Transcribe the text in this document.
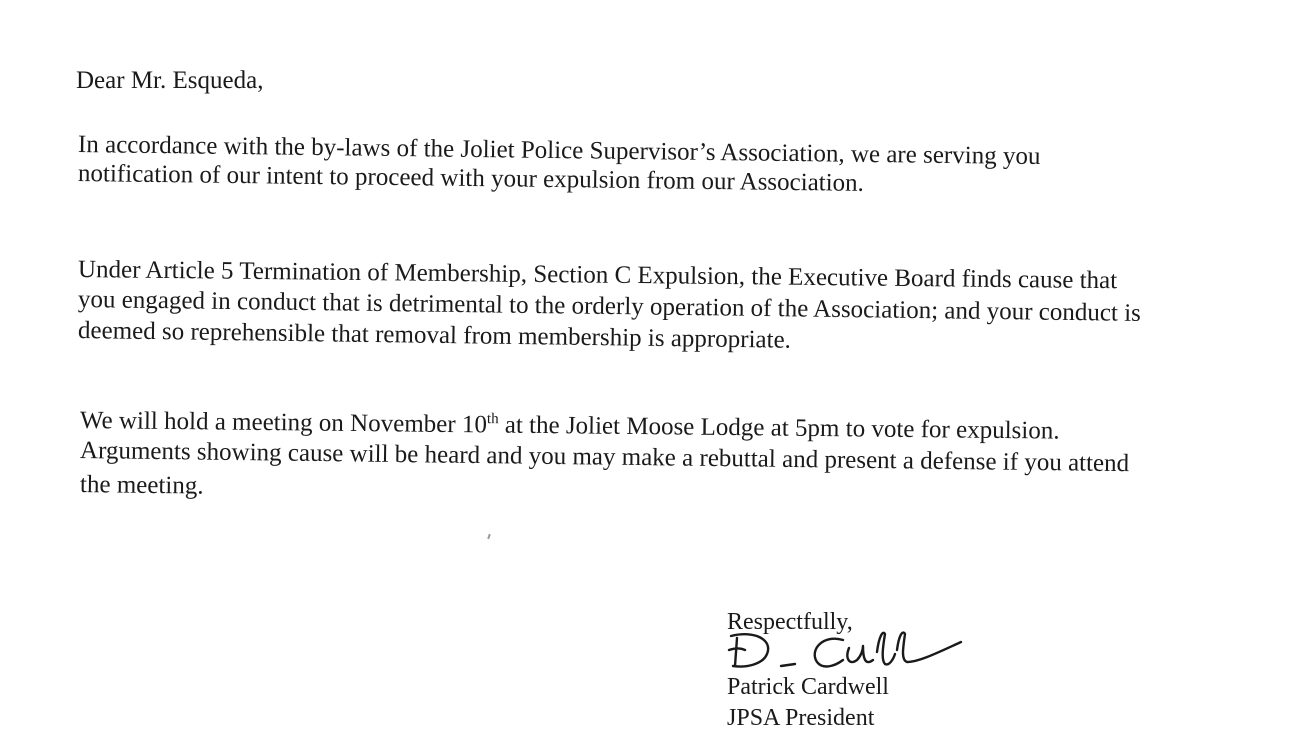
Dear Mr. Esqueda,
In accordance with the by-laws of the Joliet Police Supervisor’s Association, we are serving you
notification of our intent to proceed with your expulsion from our Association.
Under Article 5 Termination of Membership, Section C Expulsion, the Executive Board finds cause that
you engaged in conduct that is detrimental to the orderly operation of the Association; and your conduct is
deemed so reprehensible that removal from membership is appropriate.
We will hold a meeting on November 10th at the Joliet Moose Lodge at 5pm to vote for expulsion.
Arguments showing cause will be heard and you may make a rebuttal and present a defense if you attend
the meeting.
Respectfully,
Patrick Cardwell
JPSA President
